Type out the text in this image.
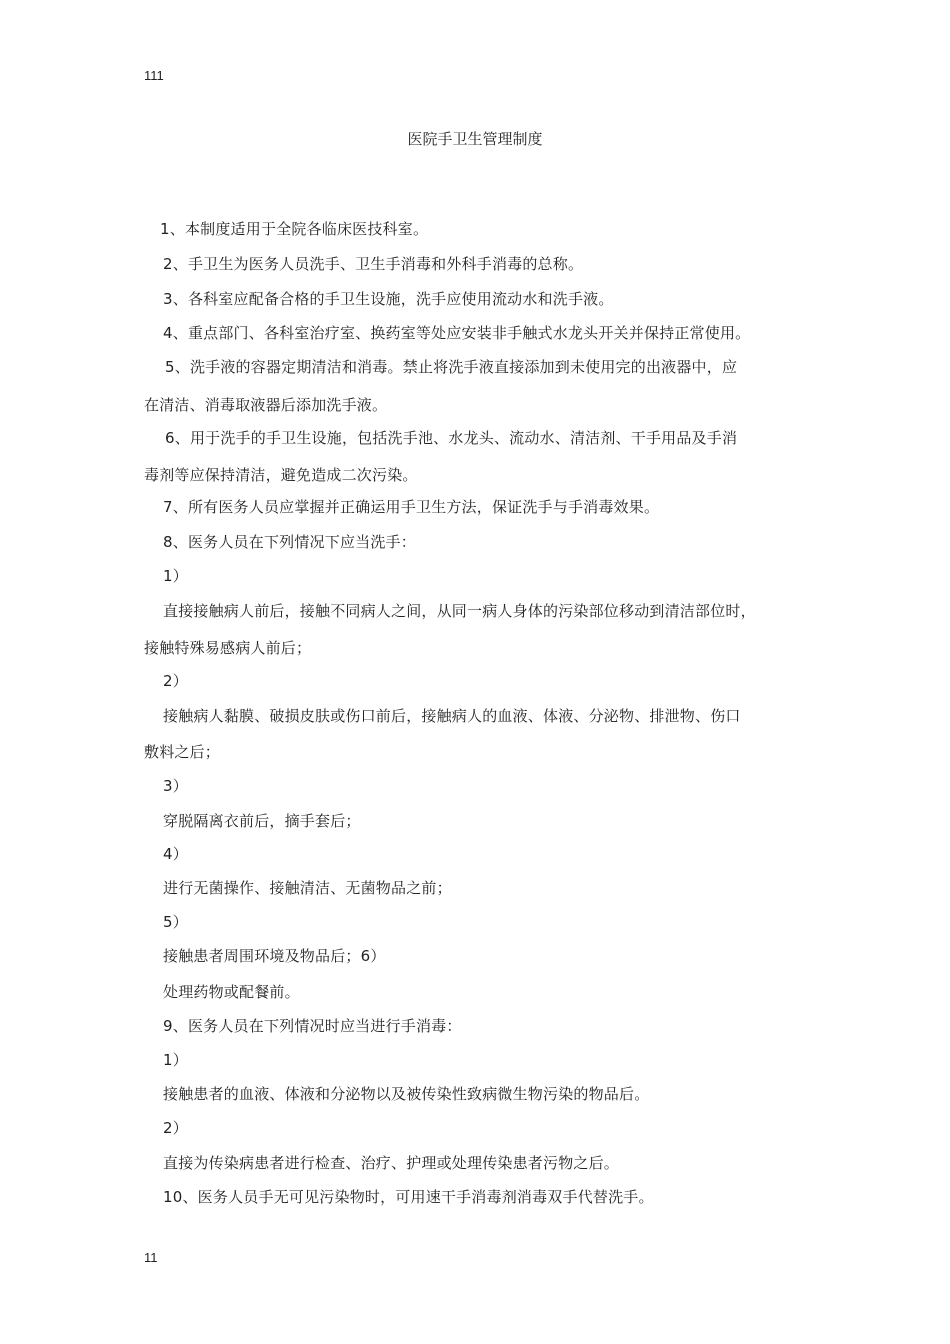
111
医院手卫生管理制度
1、本制度适用于全院各临床医技科室。
2、手卫生为医务人员洗手、卫生手消毒和外科手消毒的总称。
3、各科室应配备合格的手卫生设施，洗手应使用流动水和洗手液。
4、重点部门、各科室治疗室、换药室等处应安装非手触式水龙头开关并保持正常使用。
5、洗手液的容器定期清洁和消毒。禁止将洗手液直接添加到未使用完的出液器中，应
在清洁、消毒取液器后添加洗手液。
6、用于洗手的手卫生设施，包括洗手池、水龙头、流动水、清洁剂、干手用品及手消
毒剂等应保持清洁，避免造成二次污染。
7、所有医务人员应掌握并正确运用手卫生方法，保证洗手与手消毒效果。
8、医务人员在下列情况下应当洗手：
1）
直接接触病人前后，接触不同病人之间，从同一病人身体的污染部位移动到清洁部位时，
接触特殊易感病人前后；
2）
接触病人黏膜、破损皮肤或伤口前后，接触病人的血液、体液、分泌物、排泄物、伤口
敷料之后；
3）
穿脱隔离衣前后，摘手套后；
4）
进行无菌操作、接触清洁、无菌物品之前；
5）
接触患者周围环境及物品后；6）
处理药物或配餐前。
9、医务人员在下列情况时应当进行手消毒：
1）
接触患者的血液、体液和分泌物以及被传染性致病微生物污染的物品后。
2）
直接为传染病患者进行检查、治疗、护理或处理传染患者污物之后。
10、医务人员手无可见污染物时，可用速干手消毒剂消毒双手代替洗手。
11
